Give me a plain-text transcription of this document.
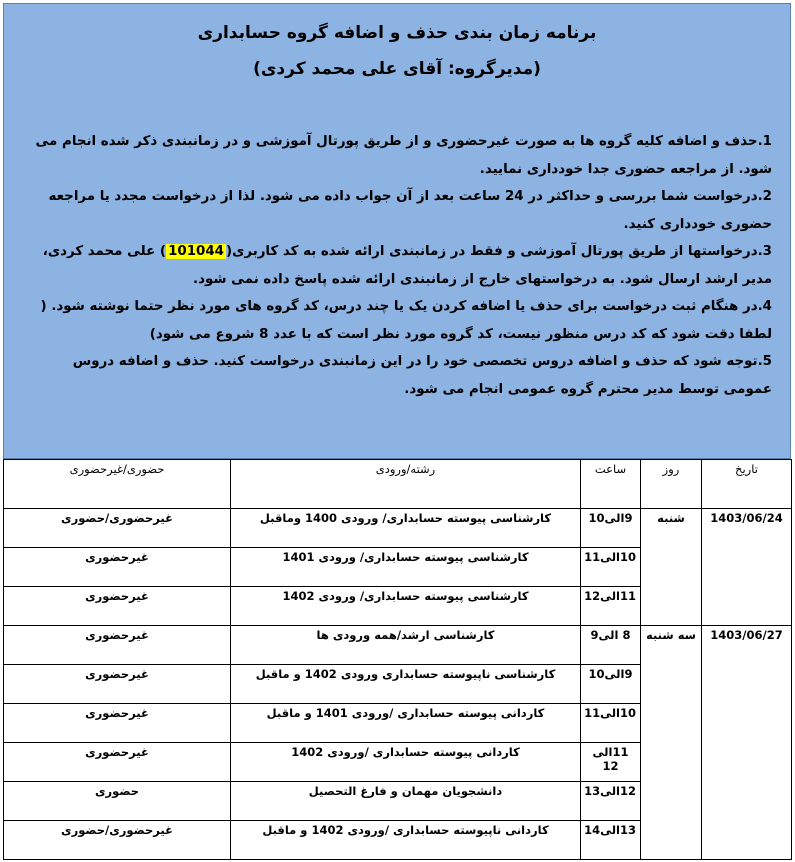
برنامه زمان بندی حذف و اضافه گروه حسابداری
(مدیرگروه: آقای علی محمد کردی)
1.حذف و اضافه کلیه گروه ها به صورت غیرحضوری و از طریق پورتال آموزشی و در زمانبندی ذکر شده انجام می شود. از مراجعه حضوری جدا خودداری نمایید.
2.درخواست شما بررسی و حداکثر در 24 ساعت بعد از آن جواب داده می شود. لذا از درخواست مجدد یا مراجعه حضوری خودداری کنید.
3.درخواستها از طریق پورتال آموزشی و فقط در زمانبندی ارائه شده به کد کاربری(101044) علی محمد کردی، مدیر ارشد ارسال شود. به درخواستهای خارج از زمانبندی ارائه شده پاسخ داده نمی شود.
4.در هنگام ثبت درخواست برای حذف یا اضافه کردن یک یا چند درس، کد گروه های مورد نظر حتما نوشته شود. ( لطفا دقت شود که کد درس منظور نیست، کد گروه مورد نظر است که با عدد 8 شروع می شود)
5.توجه شود که حذف و اضافه دروس تخصصی خود را در این زمانبندی درخواست کنید. حذف و اضافه دروس عمومی توسط مدیر محترم گروه عمومی انجام می شود.
تاریخ	روز	ساعت	رشته/ورودی	حضوری/غیرحضوری
1403/06/24	شنبه	9الی10	کارشناسی پیوسته حسابداری/ ورودی 1400 وماقبل	غیرحضوری/حضوری
		10الی11	کارشناسی پیوسته حسابداری/ ورودی 1401	غیرحضوری
		11الی12	کارشناسی پیوسته حسابداری/ ورودی 1402	غیرحضوری
1403/06/27	سه شنبه	8 الی9	کارشناسی ارشد/همه ورودی ها	غیرحضوری
		9الی10	کارشناسی ناپیوسته حسابداری ورودی 1402 و ماقبل	غیرحضوری
		10الی11	کاردانی پیوسته حسابداری /ورودی 1401 و ماقبل	غیرحضوری
		11الی 12	کاردانی پیوسته حسابداری /ورودی 1402	غیرحضوری
		12الی13	دانشجویان مهمان و فارغ التحصیل	حضوری
		13الی14	کاردانی ناپیوسته حسابداری /ورودی 1402 و ماقبل	غیرحضوری/حضوری
